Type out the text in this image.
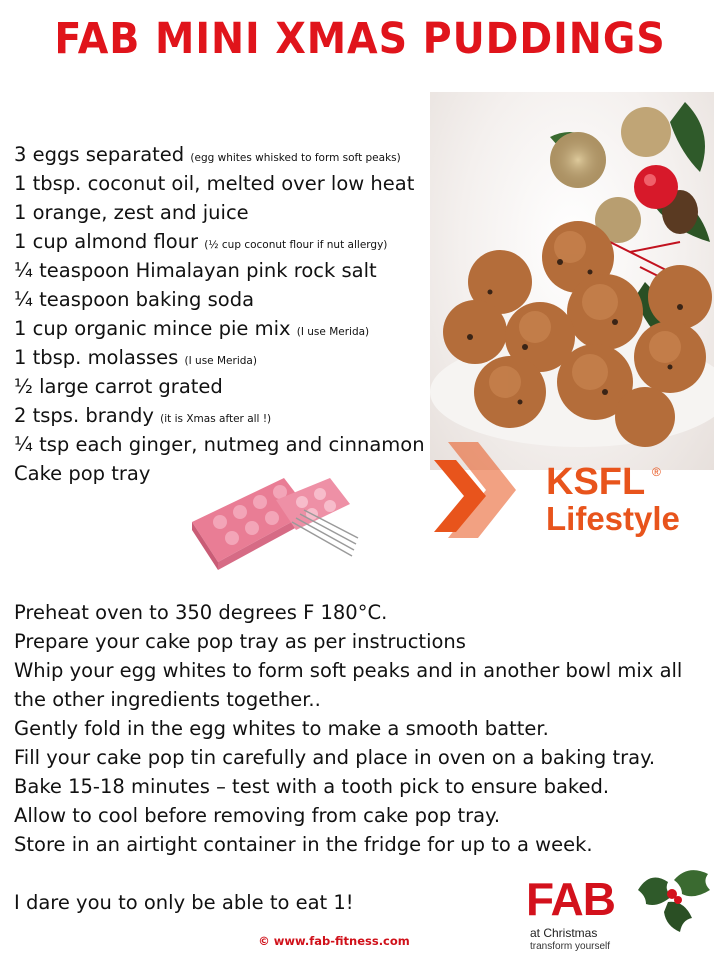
FAB MINI XMAS PUDDINGS
3 eggs separated (egg whites whisked to form soft peaks)
1 tbsp. coconut oil, melted over low heat
1 orange, zest and juice
1 cup almond flour (½ cup coconut flour if nut allergy)
¼ teaspoon Himalayan pink rock salt
¼ teaspoon baking soda
1 cup organic mince pie mix (I use Merida)
1 tbsp. molasses (I use Merida)
½ large carrot grated
2 tsps. brandy (it is Xmas after all !)
¼ tsp each ginger, nutmeg and cinnamon
Cake pop tray	KSFL ®
Lifestyle
Preheat oven to 350 degrees F 180°C.
Prepare your cake pop tray as per instructions
Whip your egg whites to form soft peaks and in another bowl mix all the other ingredients together..
Gently fold in the egg whites to make a smooth batter.
Fill your cake pop tin carefully and place in oven on a baking tray.
Bake 15-18 minutes – test with a tooth pick to ensure baked.
Allow to cool before removing from cake pop tray.
Store in an airtight container in the fridge for up to a week.
I dare you to only be able to eat 1!
© www.fab-fitness.com
FAB
at Christmas
transform yourself
